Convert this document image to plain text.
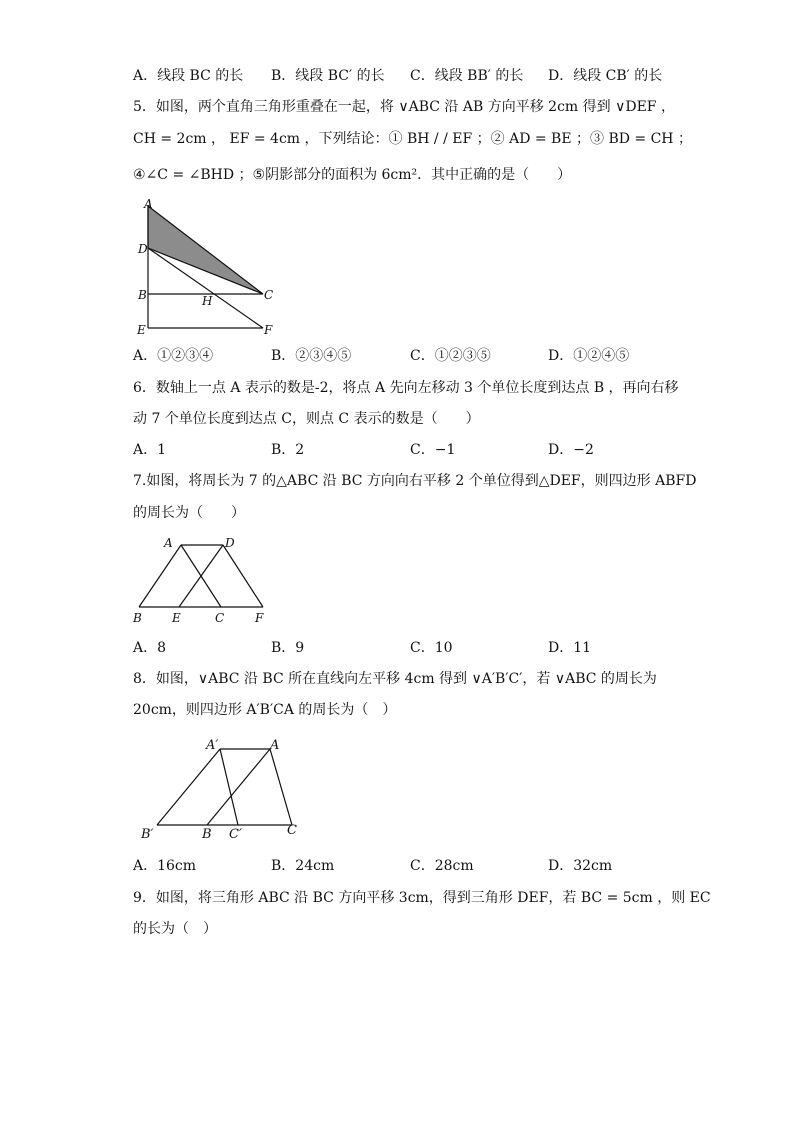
A．线段 BC 的长 B．线段 BC′ 的长 C．线段 BB′ 的长 D．线段 CB′ 的长
5．如图，两个直角三角形重叠在一起，将 ∨ABC 沿 AB 方向平移 2cm 得到 ∨DEF ，
CH = 2cm ， EF = 4cm ，下列结论：① BH / / EF ；② AD = BE ；③ BD = CH ；
④∠C = ∠BHD ；⑤阴影部分的面积为 6cm²．其中正确的是（　　）
A
D
B	H	C
E	F
A．①②③④	B．②③④⑤	C．①②③⑤	D．①②④⑤
6．数轴上一点 A 表示的数是-2，将点 A 先向左移动 3 个单位长度到达点 B ，再向右移
动 7 个单位长度到达点 C，则点 C 表示的数是（　　）
A．1	B．2	C．−1	D．−2
7.如图，将周长为 7 的△ABC 沿 BC 方向向右平移 2 个单位得到△DEF，则四边形 ABFD
的周长为（　　）
A	D
B	E	C	F
A．8	B．9	C．10	D．11
8．如图，∨ABC 沿 BC 所在直线向左平移 4cm 得到 ∨A′B′C′，若 ∨ABC 的周长为
20cm，则四边形 A′B′CA 的周长为（　）
A′	A
B′	B C′	C
A．16cm	B．24cm	C．28cm	D．32cm
9．如图，将三角形 ABC 沿 BC 方向平移 3cm，得到三角形 DEF，若 BC = 5cm ，则 EC
的长为（　）
